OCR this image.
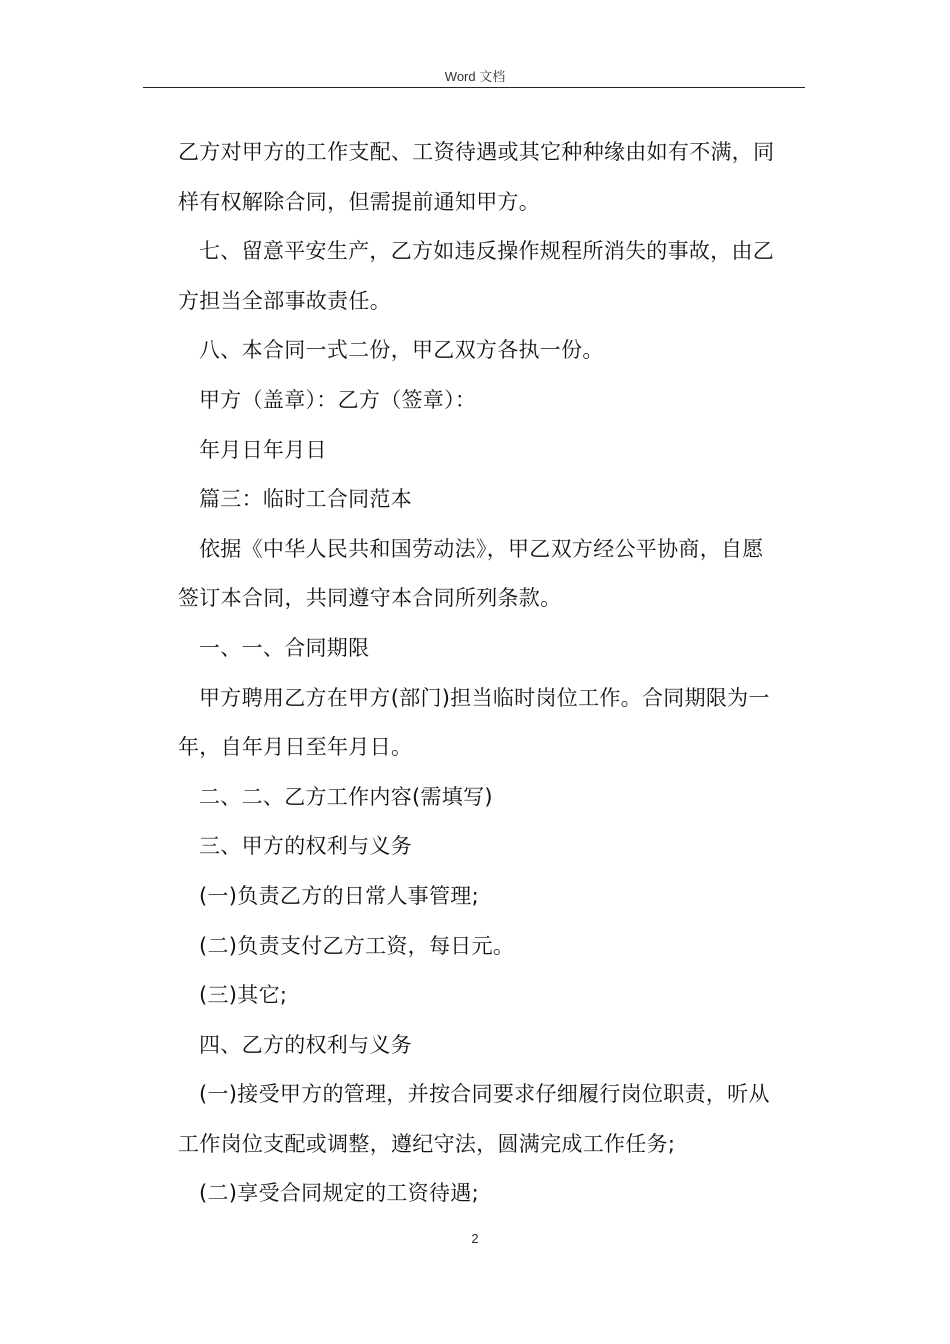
Word 文档
乙方对甲方的工作支配、工资待遇或其它种种缘由如有不满，同
样有权解除合同，但需提前通知甲方。
七、留意平安生产，乙方如违反操作规程所消失的事故，由乙
方担当全部事故责任。
八、本合同一式二份，甲乙双方各执一份。
甲方（盖章）：乙方（签章）：
年月日年月日
篇三：临时工合同范本
依据《中华人民共和国劳动法》，甲乙双方经公平协商，自愿
签订本合同，共同遵守本合同所列条款。
一、一、合同期限
甲方聘用乙方在甲方(部门)担当临时岗位工作。合同期限为一
年，自年月日至年月日。
二、二、乙方工作内容(需填写)
三、甲方的权利与义务
(一)负责乙方的日常人事管理;
(二)负责支付乙方工资，每日元。
(三)其它;
四、乙方的权利与义务
(一)接受甲方的管理，并按合同要求仔细履行岗位职责，听从
工作岗位支配或调整，遵纪守法，圆满完成工作任务;
(二)享受合同规定的工资待遇;
2
